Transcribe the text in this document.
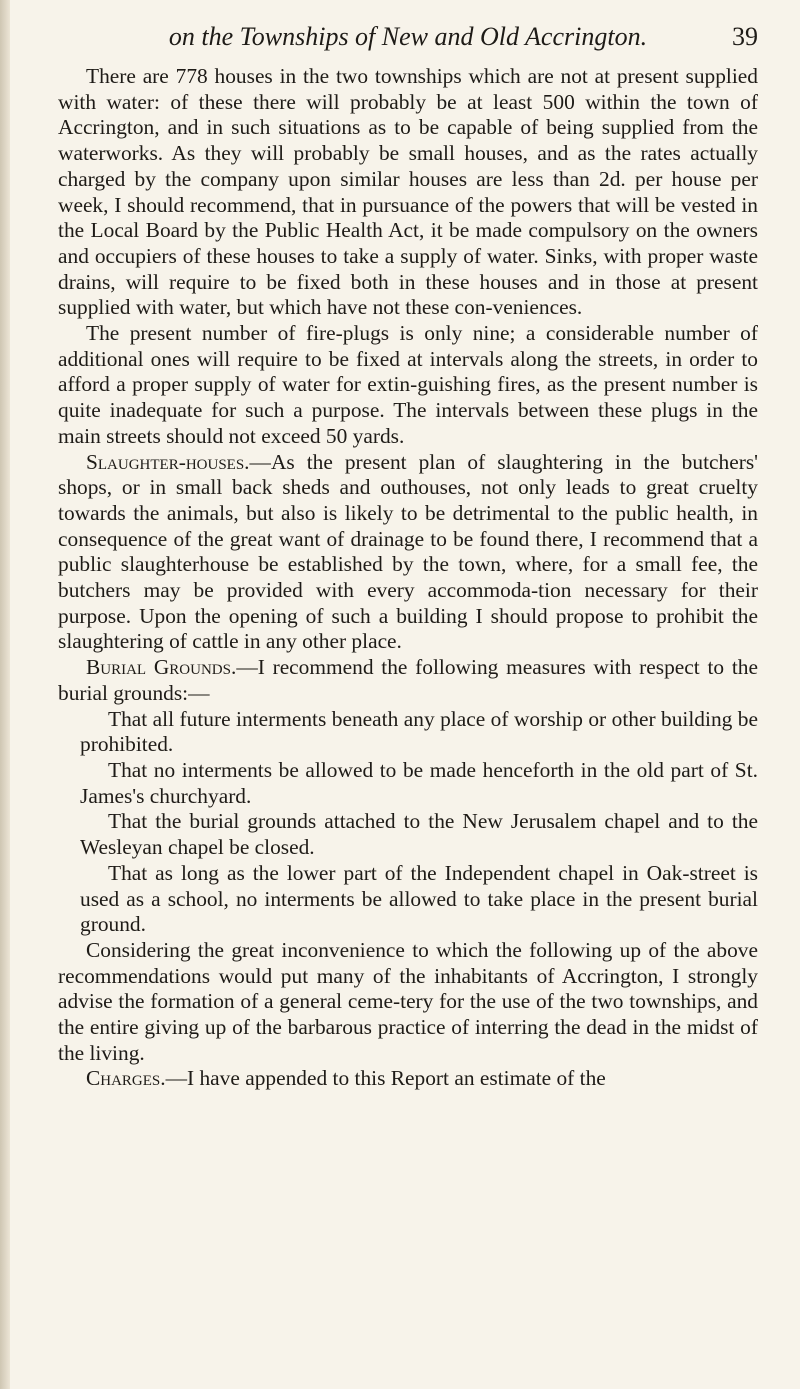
on the Townships of New and Old Accrington.	39

There are 778 houses in the two townships which are not at present supplied with water: of these there will probably be at least 500 within the town of Accrington, and in such situations as to be capable of being supplied from the waterworks. As they will probably be small houses, and as the rates actually charged by the company upon similar houses are less than 2d. per house per week, I should recommend, that in pursuance of the powers that will be vested in the Local Board by the Public Health Act, it be made compulsory on the owners and occupiers of these houses to take a supply of water. Sinks, with proper waste drains, will require to be fixed both in these houses and in those at present supplied with water, but which have not these con-veniences.

The present number of fire-plugs is only nine; a considerable number of additional ones will require to be fixed at intervals along the streets, in order to afford a proper supply of water for extin-guishing fires, as the present number is quite inadequate for such a purpose. The intervals between these plugs in the main streets should not exceed 50 yards.

Slaughter-houses.—As the present plan of slaughtering in the butchers' shops, or in small back sheds and outhouses, not only leads to great cruelty towards the animals, but also is likely to be detrimental to the public health, in consequence of the great want of drainage to be found there, I recommend that a public slaughterhouse be established by the town, where, for a small fee, the butchers may be provided with every accommoda-tion necessary for their purpose. Upon the opening of such a building I should propose to prohibit the slaughtering of cattle in any other place.

Burial Grounds.—I recommend the following measures with respect to the burial grounds:—

That all future interments beneath any place of worship or other building be prohibited.

That no interments be allowed to be made henceforth in the old part of St. James's churchyard.

That the burial grounds attached to the New Jerusalem chapel and to the Wesleyan chapel be closed.

That as long as the lower part of the Independent chapel in Oak-street is used as a school, no interments be allowed to take place in the present burial ground.

Considering the great inconvenience to which the following up of the above recommendations would put many of the inhabitants of Accrington, I strongly advise the formation of a general ceme-tery for the use of the two townships, and the entire giving up of the barbarous practice of interring the dead in the midst of the living.

Charges.—I have appended to this Report an estimate of the
